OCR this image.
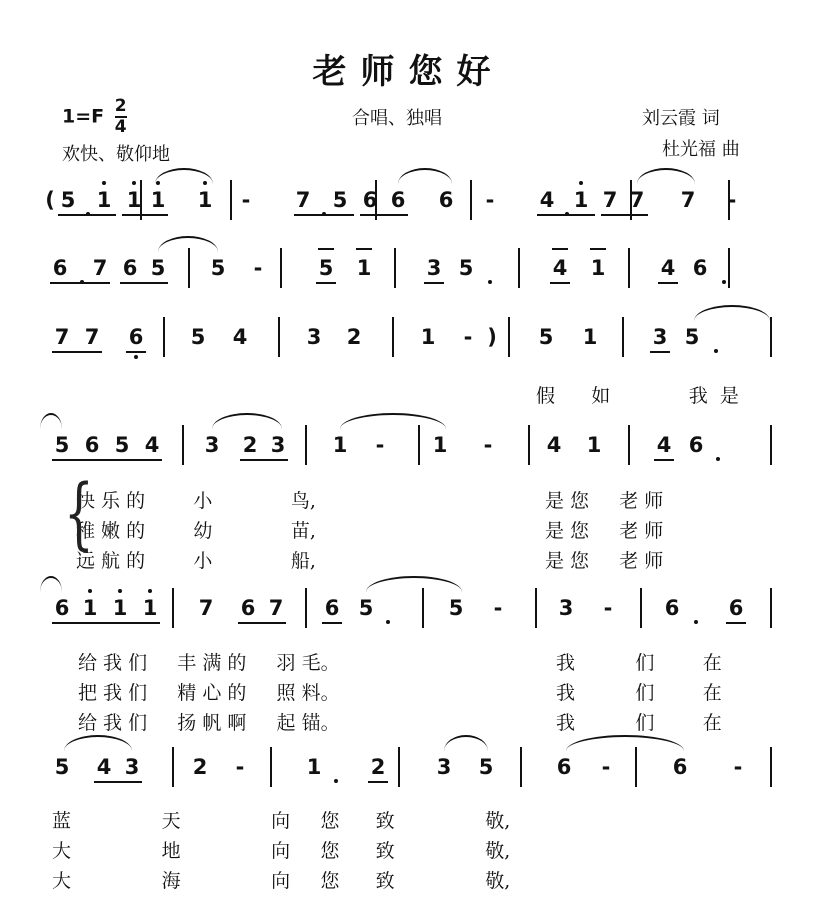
老师您好
$1=F \frac{2}{4}$	合唱、独唱	刘云霞 词
欢快、敬仰地	杜光福 曲
( 5 1 1 1 1	-	7 5 6 6 6	-	4 1 7 7 7	-
6 7 6 5 5	-	5 1	3 5	4 1	4 6
7 7 6 5 4	3 2	1	- ) 5 1	3 5
5 6 5 4 3 2 3 1	-	1	-	4 1	4 6
6 1 1 1 7 6 7 6 5	5	-	3	-	6 6
5 4 3	2	-	1 2 3 5	6	-	6	-
假      如             我  是
快 乐 的        小             鸟,	是 您     老 师
稚 嫩 的        幼             苗,	是 您     老 师
远 航 的        小             船,	是 您     老 师
给 我 们     丰 满 的     羽 毛。	我          们        在
把 我 们     精 心 的     照 料。	我          们        在
给 我 们     扬 帆 啊     起 锚。	我          们        在
蓝               天               向     您      致               敬,
大               地               向     您      致               敬,
大               海               向     您      致               敬,
{
